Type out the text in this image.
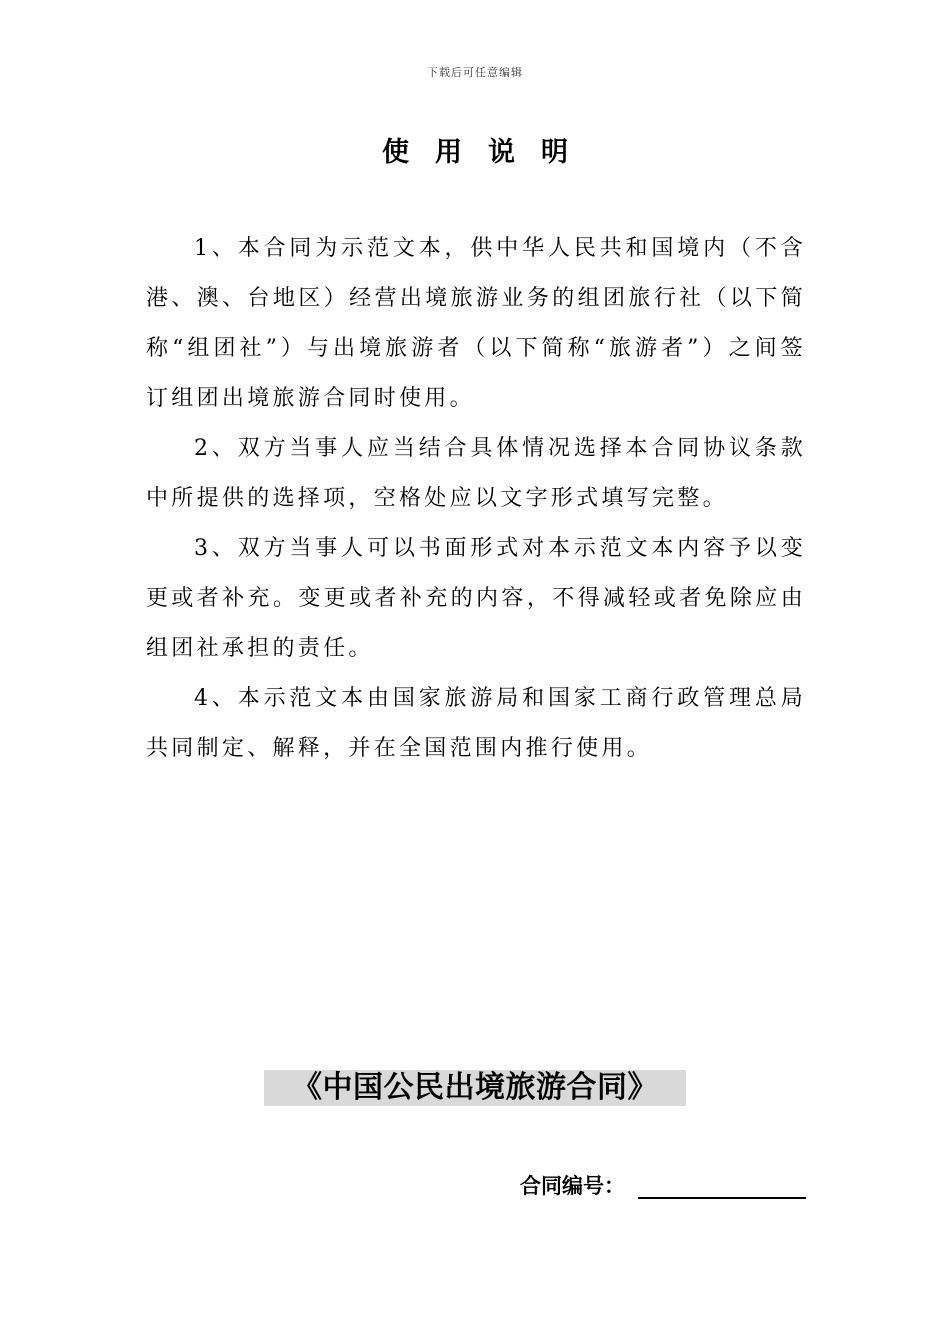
下载后可任意编辑
使用说明

1、本合同为示范文本，供中华人民共和国境内（不含港、澳、台地区）经营出境旅游业务的组团旅行社（以下简称“组团社”）与出境旅游者（以下简称“旅游者”）之间签订组团出境旅游合同时使用。

2、双方当事人应当结合具体情况选择本合同协议条款中所提供的选择项，空格处应以文字形式填写完整。

3、双方当事人可以书面形式对本示范文本内容予以变更或者补充。变更或者补充的内容，不得减轻或者免除应由组团社承担的责任。

4、本示范文本由国家旅游局和国家工商行政管理总局共同制定、解释，并在全国范围内推行使用。

《中国公民出境旅游合同》
合同编号：
